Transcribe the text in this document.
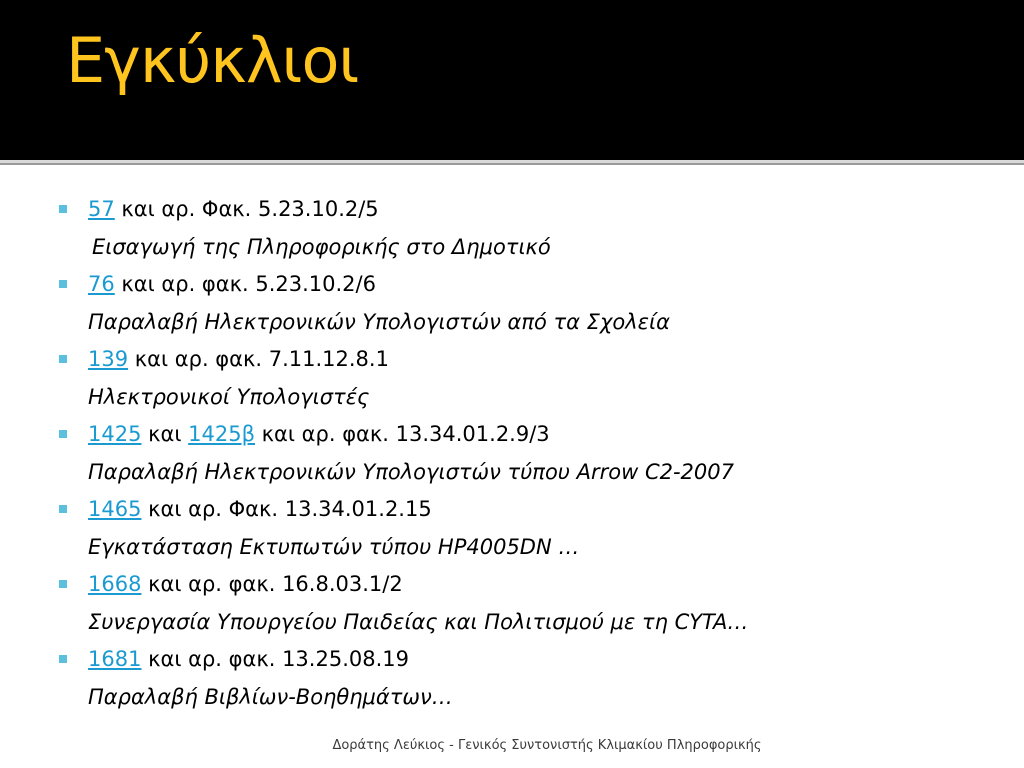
Εγκύκλιοι
57 και αρ. Φακ. 5.23.10.2/5
Εισαγωγή της Πληροφορικής στο Δημοτικό
76 και αρ. φακ. 5.23.10.2/6
Παραλαβή Ηλεκτρονικών Υπολογιστών από τα Σχολεία
139 και αρ. φακ. 7.11.12.8.1
Ηλεκτρονικοί Υπολογιστές
1425 και 1425β και αρ. φακ. 13.34.01.2.9/3
Παραλαβή Ηλεκτρονικών Υπολογιστών τύπου Arrow C2-2007
1465 και αρ. Φακ. 13.34.01.2.15
Εγκατάσταση Εκτυπωτών τύπου HP4005DN …
1668 και αρ. φακ. 16.8.03.1/2
Συνεργασία Υπουργείου Παιδείας και Πολιτισμού με τη CYTA…
1681 και αρ. φακ. 13.25.08.19
Παραλαβή Βιβλίων-Βοηθημάτων…
Δοράτης Λεύκιος - Γενικός Συντονιστής Κλιμακίου Πληροφορικής
